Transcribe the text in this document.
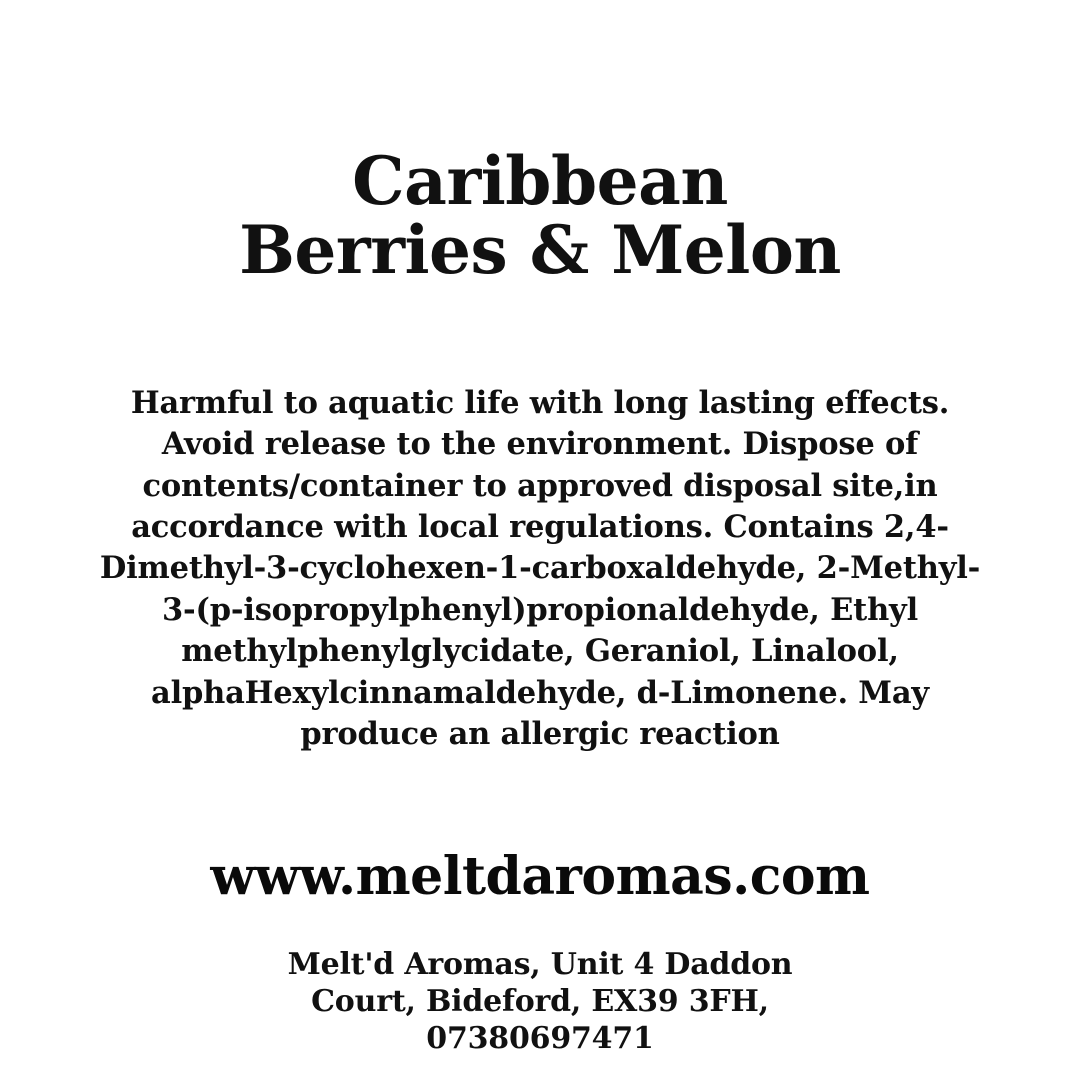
Caribbean
Berries & Melon

Harmful to aquatic life with long lasting effects. Avoid release to the environment. Dispose of contents/container to approved disposal site,in accordance with local regulations. Contains 2,4-Dimethyl-3-cyclohexen-1-carboxaldehyde, 2-Methyl-3-(p-isopropylphenyl)propionaldehyde, Ethyl methylphenylglycidate, Geraniol, Linalool, alphaHexylcinnamaldehyde, d-Limonene. May produce an allergic reaction

www.meltdaromas.com
Melt'd Aromas, Unit 4 Daddon
Court, Bideford, EX39 3FH,
07380697471
